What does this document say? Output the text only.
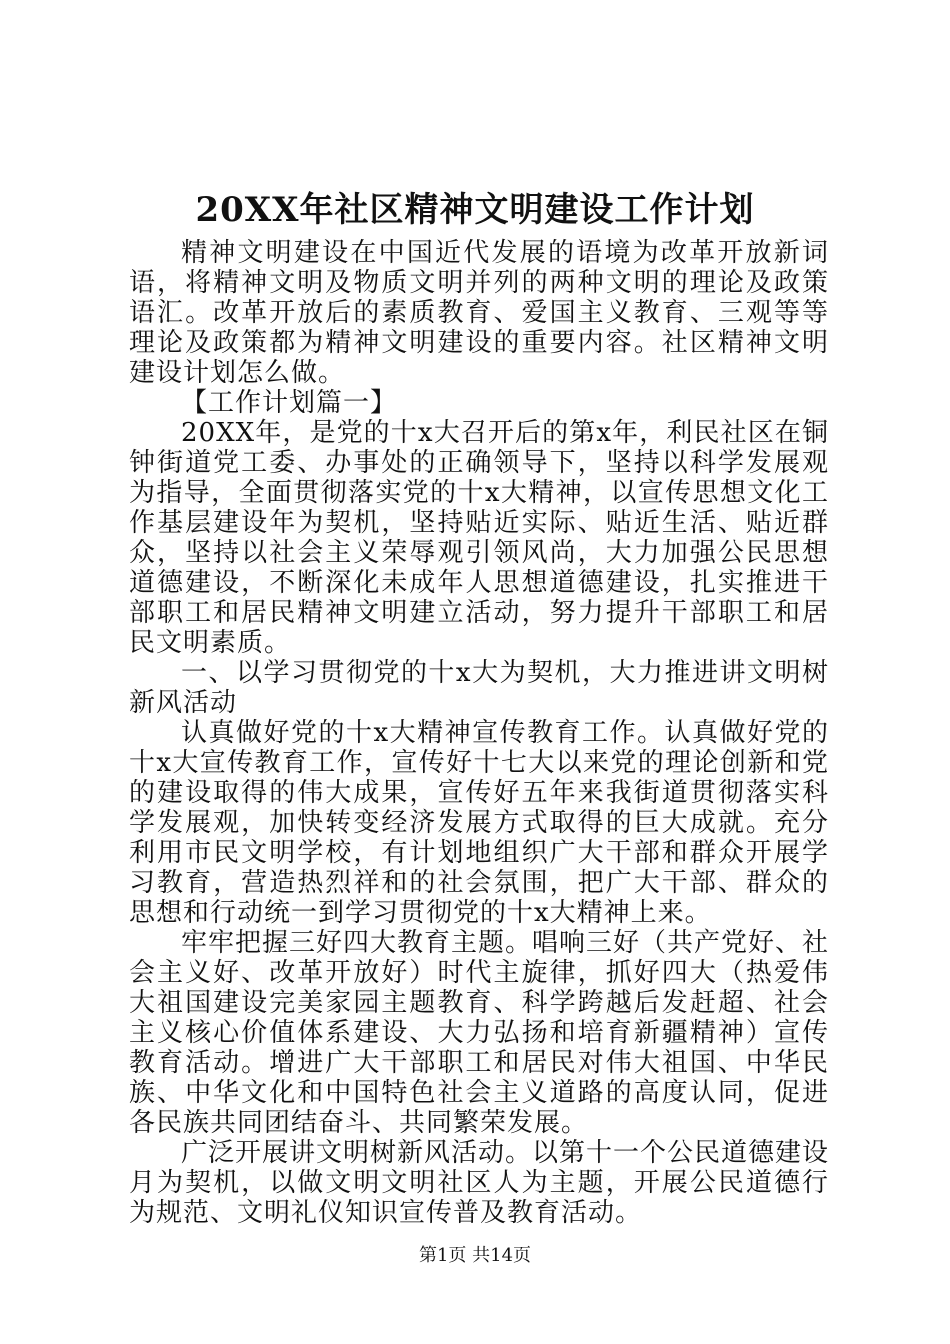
20XX年社区精神文明建设工作计划

精神文明建设在中国近代发展的语境为改革开放新词语，将精神文明及物质文明并列的两种文明的理论及政策语汇。改革开放后的素质教育、爱国主义教育、三观等等理论及政策都为精神文明建设的重要内容。社区精神文明建设计划怎么做。

【工作计划篇一】

20XX年，是党的十x大召开后的第x年，利民社区在铜钟街道党工委、办事处的正确领导下，坚持以科学发展观为指导，全面贯彻落实党的十x大精神，以宣传思想文化工作基层建设年为契机，坚持贴近实际、贴近生活、贴近群众，坚持以社会主义荣辱观引领风尚，大力加强公民思想道德建设，不断深化未成年人思想道德建设，扎实推进干部职工和居民精神文明建立活动，努力提升干部职工和居民文明素质。

一、以学习贯彻党的十x大为契机，大力推进讲文明树新风活动

认真做好党的十x大精神宣传教育工作。认真做好党的十x大宣传教育工作，宣传好十七大以来党的理论创新和党的建设取得的伟大成果，宣传好五年来我街道贯彻落实科学发展观，加快转变经济发展方式取得的巨大成就。充分利用市民文明学校，有计划地组织广大干部和群众开展学习教育，营造热烈祥和的社会氛围，把广大干部、群众的思想和行动统一到学习贯彻党的十x大精神上来。

牢牢把握三好四大教育主题。唱响三好（共产党好、社会主义好、改革开放好）时代主旋律，抓好四大（热爱伟大祖国建设完美家园主题教育、科学跨越后发赶超、社会主义核心价值体系建设、大力弘扬和培育新疆精神）宣传教育活动。增进广大干部职工和居民对伟大祖国、中华民族、中华文化和中国特色社会主义道路的高度认同，促进各民族共同团结奋斗、共同繁荣发展。

广泛开展讲文明树新风活动。以第十一个公民道德建设月为契机，以做文明文明社区人为主题，开展公民道德行为规范、文明礼仪知识宣传普及教育活动。

第1页 共14页
